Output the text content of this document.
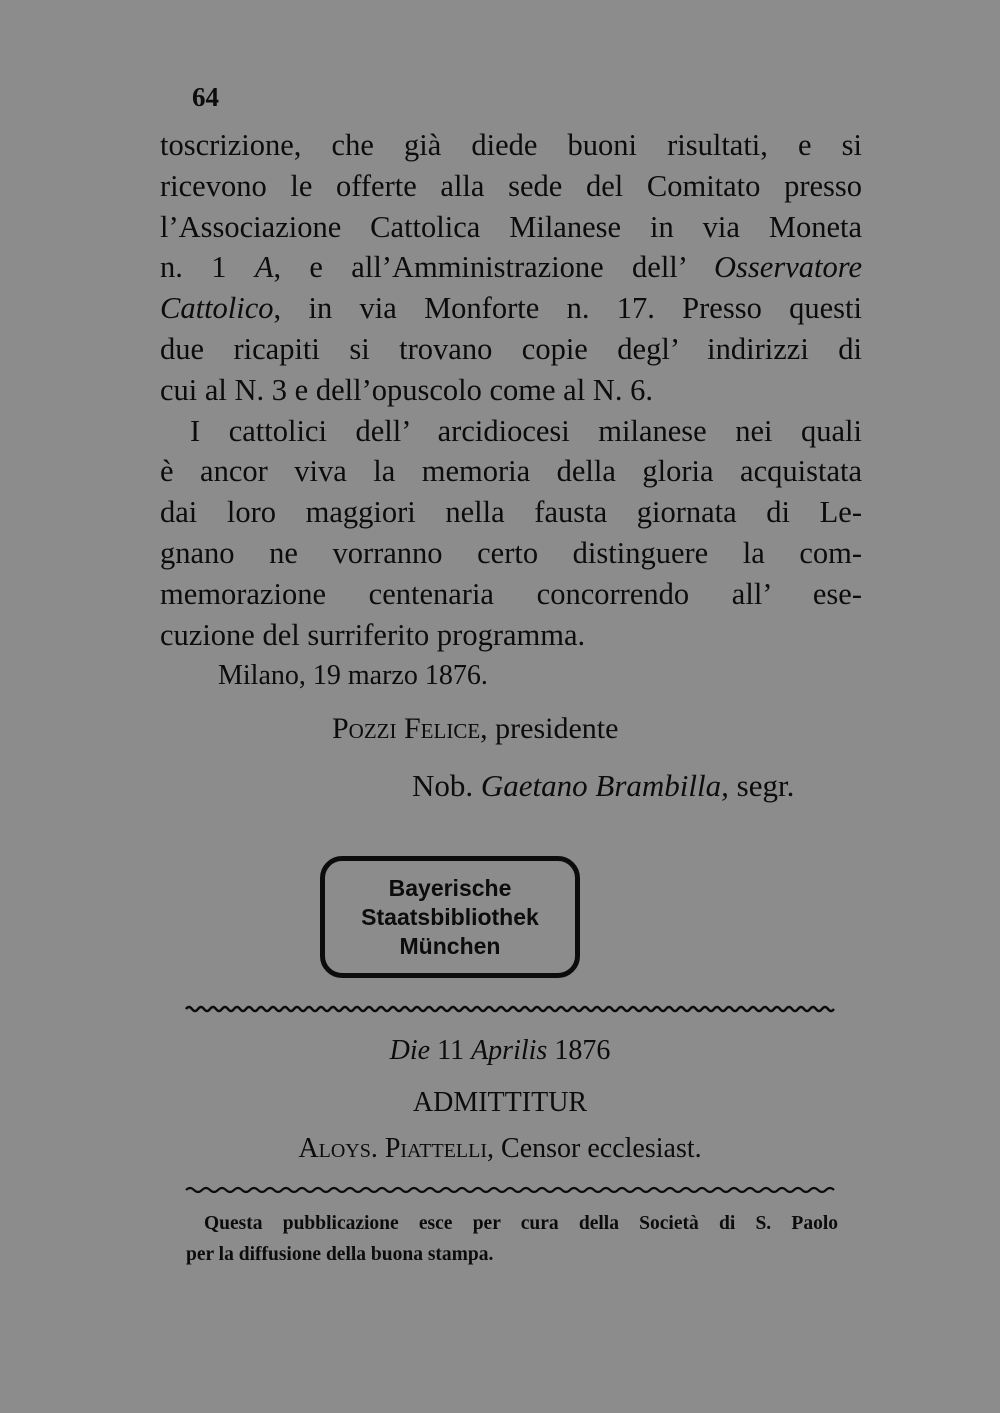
64
toscrizione, che già diede buoni risultati, e si
ricevono le offerte alla sede del Comitato presso
l’Associazione Cattolica Milanese in via Moneta
n. 1 A, e all’Amministrazione dell’ Osservatore
Cattolico, in via Monforte n. 17. Presso questi
due ricapiti si trovano copie degl’ indirizzi di
cui al N. 3 e dell’opuscolo come al N. 6.
I cattolici dell’ arcidiocesi milanese nei quali
è ancor viva la memoria della gloria acquistata
dai loro maggiori nella fausta giornata di Le-
gnano ne vorranno certo distinguere la com-
memorazione centenaria concorrendo all’ ese-
cuzione del surriferito programma.
Milano, 19 marzo 1876.
Pozzi Felice, presidente
Nob. Gaetano Brambilla, segr.
Bayerische
Staatsbibliothek
München
Die 11 Aprilis 1876
ADMITTITUR
Aloys. Piattelli, Censor ecclesiast.
Questa pubblicazione esce per cura della Società di S. Paolo
per la diffusione della buona stampa.
